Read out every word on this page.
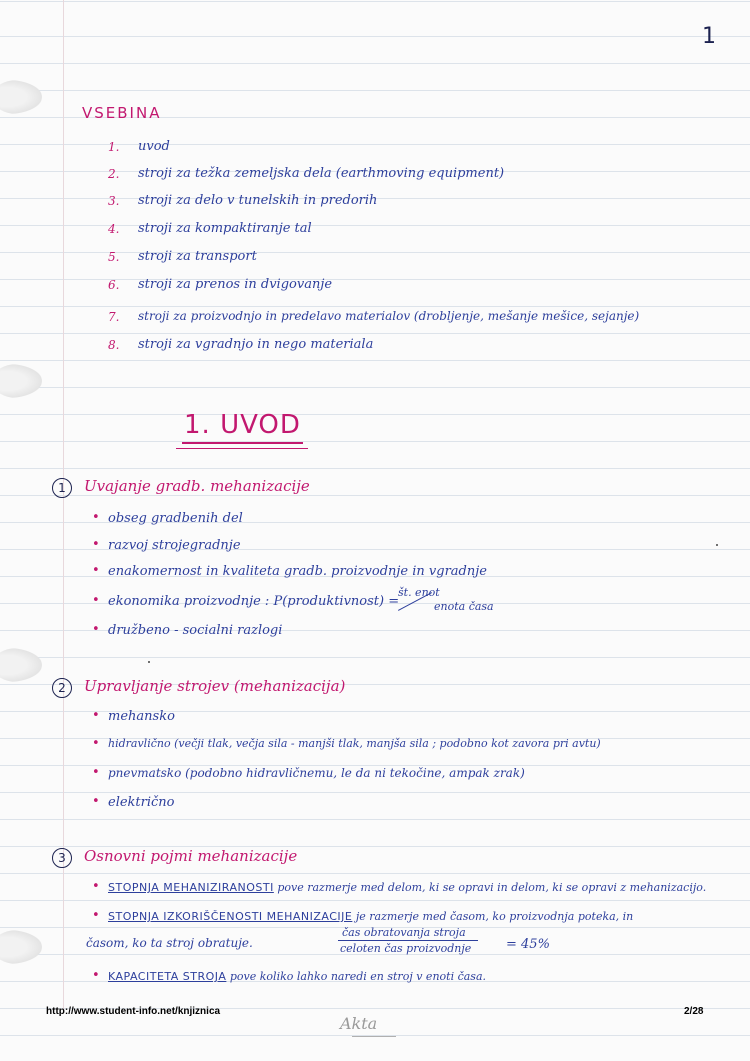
1
VSEBINA
1. uvod
2. stroji za težka zemeljska dela (earthmoving equipment)
3. stroji za delo v tunelskih in predorih
4. stroji za kompaktiranje tal
5. stroji za transport
6. stroji za prenos in dvigovanje
7. stroji za proizvodnjo in predelavo materialov (drobljenje, mešanje mešice, sejanje)
8. stroji za vgradnjo in nego materiala
1. UVOD
1	Uvajanje gradb. mehanizacije
• obseg gradbenih del
• razvoj strojegradnje
• enakomernost in kvaliteta gradb. proizvodnje in vgradnje
• ekonomika proizvodnje : P(produktivnost) =
št. enot
enota časa
• družbeno - socialni razlogi
2	Upravljanje strojev (mehanizacija)
• mehansko
• hidravlično (večji tlak, večja sila - manjši tlak, manjša sila ; podobno kot zavora pri avtu)
• pnevmatsko (podobno hidravličnemu, le da ni tekočine, ampak zrak)
• električno
3	Osnovni pojmi mehanizacije
• STOPNJA MEHANIZIRANOSTI pove razmerje med delom, ki se opravi in delom, ki se opravi z mehanizacijo.
• STOPNJA IZKORIŠČENOSTI MEHANIZACIJE je razmerje med časom, ko proizvodnja poteka, in
časom, ko ta stroj obratuje.
čas obratovanja stroja
celoten čas proizvodnje	= 45%
• KAPACITETA STROJA pove koliko lahko naredi en stroj v enoti časa.
http://www.student-info.net/knjiznica	2/28
Akta
